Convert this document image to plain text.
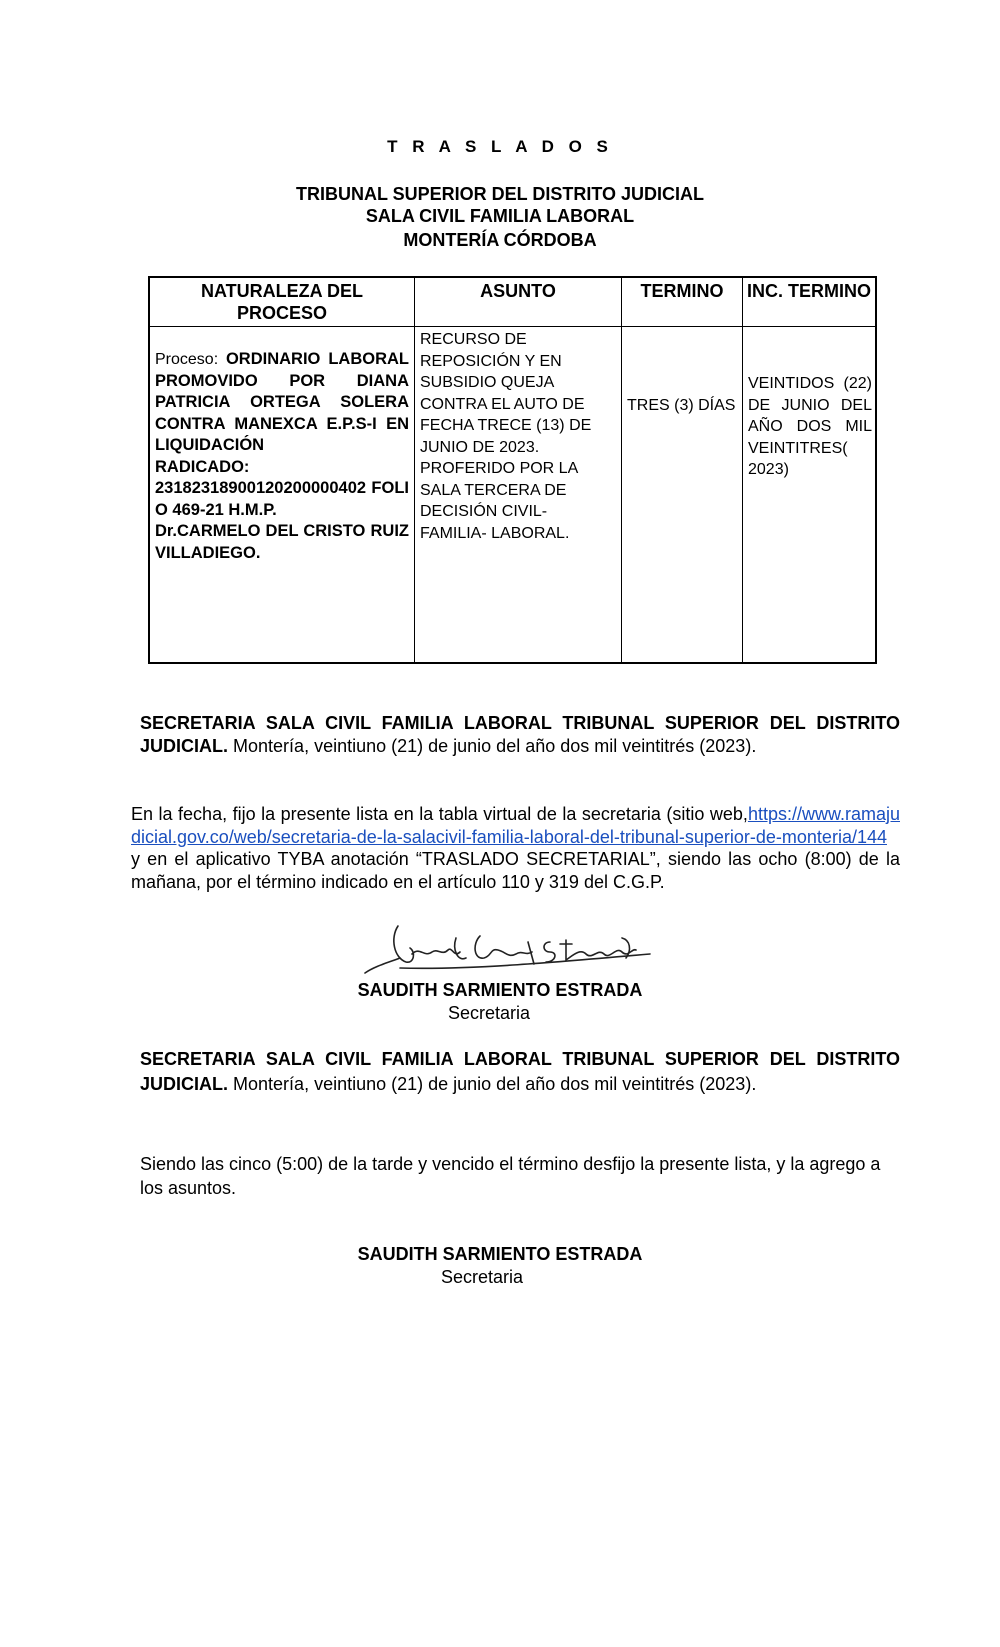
T R A S L A D O S
TRIBUNAL SUPERIOR DEL DISTRITO JUDICIAL
SALA CIVIL FAMILIA LABORAL
MONTERÍA CÓRDOBA
NATURALEZA DEL PROCESO	ASUNTO	TERMINO	INC. TERMINO
Proceso: ORDINARIO LABORAL PROMOVIDO POR DIANA PATRICIA ORTEGA SOLERA CONTRA MANEXCA E.P.S-I EN LIQUIDACIÓN
RADICADO:
23182318900120200000402 FOLIO 469-21 H.M.P.
Dr.CARMELO DEL CRISTO RUIZ VILLADIEGO.	RECURSO DE REPOSICIÓN Y EN SUBSIDIO QUEJA CONTRA EL AUTO DE FECHA TRECE (13) DE JUNIO DE 2023. PROFERIDO POR LA SALA TERCERA DE DECISIÓN CIVIL- FAMILIA- LABORAL.	TRES (3) DÍAS	VEINTIDOS (22) DE JUNIO DEL AÑO DOS MIL VEINTITRES( 2023)
SECRETARIA SALA CIVIL FAMILIA LABORAL TRIBUNAL SUPERIOR DEL DISTRITO JUDICIAL. Montería, veintiuno (21) de junio del año dos mil veintitrés (2023).
En la fecha, fijo la presente lista en la tabla virtual de la secretaria (sitio web,https://www.ramajudicial.gov.co/web/secretaria-de-la-salacivil-familia-laboral-del-tribunal-superior-de-monteria/144 y en el aplicativo TYBA anotación “TRASLADO SECRETARIAL”, siendo las ocho (8:00) de la mañana, por el término indicado en el artículo 110 y 319 del C.G.P.
SAUDITH SARMIENTO ESTRADA
Secretaria
SECRETARIA SALA CIVIL FAMILIA LABORAL TRIBUNAL SUPERIOR DEL DISTRITO JUDICIAL. Montería, veintiuno (21) de junio del año dos mil veintitrés (2023).
Siendo las cinco (5:00) de la tarde y vencido el término desfijo la presente lista, y la agrego a los asuntos.
SAUDITH SARMIENTO ESTRADA
Secretaria
